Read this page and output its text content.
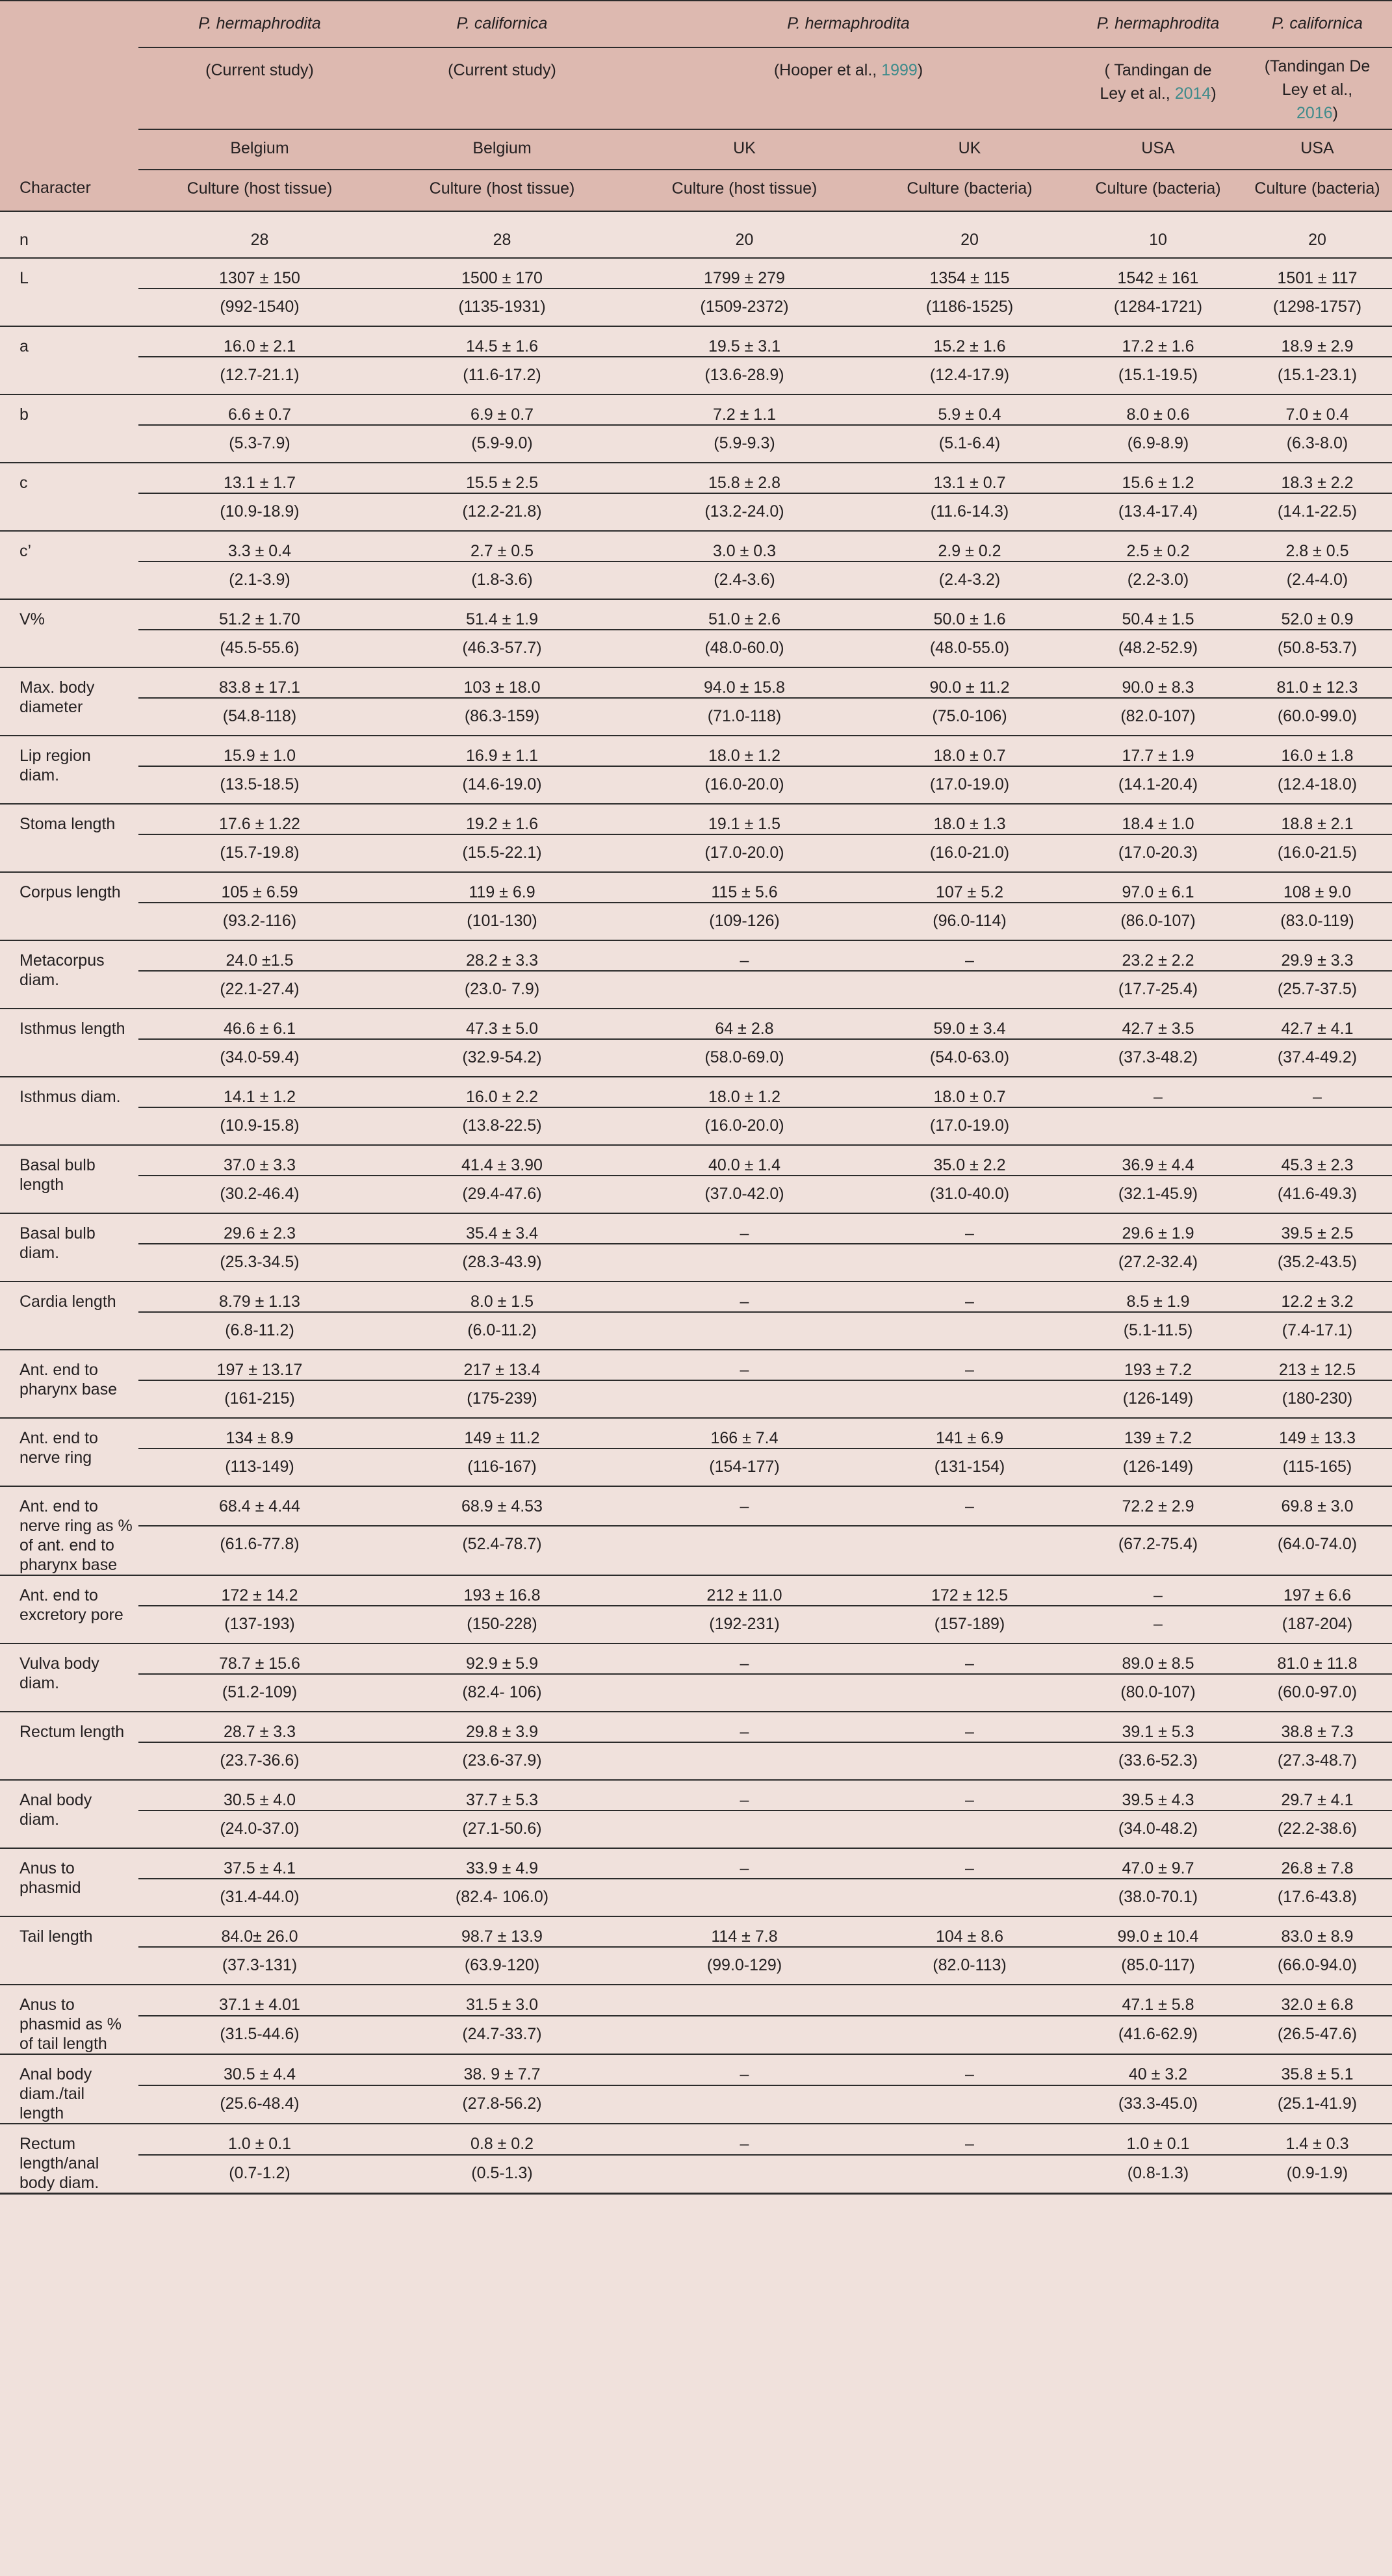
	P. hermaphrodita	P. californica	P. hermaphrodita		P. hermaphrodita	P. californica
	(Current study)	(Current study)	(Hooper et al., 1999)		( Tandingan de Ley et al., 2014)	(Tandingan De Ley et al., 2016)
	Belgium	Belgium	UK	UK	USA	USA
Character	Culture (host tissue)	Culture (host tissue)	Culture (host tissue)	Culture (bacteria)	Culture (bacteria)	Culture (bacteria)
n	28	28	20	20	10	20
L	1307 ± 150	1500 ± 170	1799 ± 279	1354 ± 115	1542 ± 161	1501 ± 117
	(992-1540)	(1135-1931)	(1509-2372)	(1186-1525)	(1284-1721)	(1298-1757)
a	16.0 ± 2.1	14.5 ± 1.6	19.5 ± 3.1	15.2 ± 1.6	17.2 ± 1.6	18.9 ± 2.9
	(12.7-21.1)	(11.6-17.2)	(13.6-28.9)	(12.4-17.9)	(15.1-19.5)	(15.1-23.1)
b	6.6 ± 0.7	6.9 ± 0.7	7.2 ± 1.1	5.9 ± 0.4	8.0 ± 0.6	7.0 ± 0.4
	(5.3-7.9)	(5.9-9.0)	(5.9-9.3)	(5.1-6.4)	(6.9-8.9)	(6.3-8.0)
c	13.1 ± 1.7	15.5 ± 2.5	15.8 ± 2.8	13.1 ± 0.7	15.6 ± 1.2	18.3 ± 2.2
	(10.9-18.9)	(12.2-21.8)	(13.2-24.0)	(11.6-14.3)	(13.4-17.4)	(14.1-22.5)
c’	3.3 ± 0.4	2.7 ± 0.5	3.0 ± 0.3	2.9 ± 0.2	2.5 ± 0.2	2.8 ± 0.5
	(2.1-3.9)	(1.8-3.6)	(2.4-3.6)	(2.4-3.2)	(2.2-3.0)	(2.4-4.0)
V%	51.2 ± 1.70	51.4 ± 1.9	51.0 ± 2.6	50.0 ± 1.6	50.4 ± 1.5	52.0 ± 0.9
	(45.5-55.6)	(46.3-57.7)	(48.0-60.0)	(48.0-55.0)	(48.2-52.9)	(50.8-53.7)
Max. body diameter	83.8 ± 17.1	103 ± 18.0	94.0 ± 15.8	90.0 ± 11.2	90.0 ± 8.3	81.0 ± 12.3
	(54.8-118)	(86.3-159)	(71.0-118)	(75.0-106)	(82.0-107)	(60.0-99.0)
Lip region diam.	15.9 ± 1.0	16.9 ± 1.1	18.0 ± 1.2	18.0 ± 0.7	17.7 ± 1.9	16.0 ± 1.8
	(13.5-18.5)	(14.6-19.0)	(16.0-20.0)	(17.0-19.0)	(14.1-20.4)	(12.4-18.0)
Stoma length	17.6 ± 1.22	19.2 ± 1.6	19.1 ± 1.5	18.0 ± 1.3	18.4 ± 1.0	18.8 ± 2.1
	(15.7-19.8)	(15.5-22.1)	(17.0-20.0)	(16.0-21.0)	(17.0-20.3)	(16.0-21.5)
Corpus length	105 ± 6.59	119 ± 6.9	115 ± 5.6	107 ± 5.2	97.0 ± 6.1	108 ± 9.0
	(93.2-116)	(101-130)	(109-126)	(96.0-114)	(86.0-107)	(83.0-119)
Metacorpus diam.	24.0 ±1.5	28.2 ± 3.3	–	–	23.2 ± 2.2	29.9 ± 3.3
	(22.1-27.4)	(23.0- 7.9)			(17.7-25.4)	(25.7-37.5)
Isthmus length	46.6 ± 6.1	47.3 ± 5.0	64 ± 2.8	59.0 ± 3.4	42.7 ± 3.5	42.7 ± 4.1
	(34.0-59.4)	(32.9-54.2)	(58.0-69.0)	(54.0-63.0)	(37.3-48.2)	(37.4-49.2)
Isthmus diam.	14.1 ± 1.2	16.0 ± 2.2	18.0 ± 1.2	18.0 ± 0.7	–	–
	(10.9-15.8)	(13.8-22.5)	(16.0-20.0)	(17.0-19.0)		
Basal bulb length	37.0 ± 3.3	41.4 ± 3.90	40.0 ± 1.4	35.0 ± 2.2	36.9 ± 4.4	45.3 ± 2.3
	(30.2-46.4)	(29.4-47.6)	(37.0-42.0)	(31.0-40.0)	(32.1-45.9)	(41.6-49.3)
Basal bulb diam.	29.6 ± 2.3	35.4 ± 3.4	–	–	29.6 ± 1.9	39.5 ± 2.5
	(25.3-34.5)	(28.3-43.9)			(27.2-32.4)	(35.2-43.5)
Cardia length	8.79 ± 1.13	8.0 ± 1.5	–	–	8.5 ± 1.9	12.2 ± 3.2
	(6.8-11.2)	(6.0-11.2)			(5.1-11.5)	(7.4-17.1)
Ant. end to pharynx base	197 ± 13.17	217 ± 13.4	–	–	193 ± 7.2	213 ± 12.5
	(161-215)	(175-239)			(126-149)	(180-230)
Ant. end to nerve ring	134 ± 8.9	149 ± 11.2	166 ± 7.4	141 ± 6.9	139 ± 7.2	149 ± 13.3
	(113-149)	(116-167)	(154-177)	(131-154)	(126-149)	(115-165)
Ant. end to nerve ring as % of ant. end to pharynx base	68.4 ± 4.44	68.9 ± 4.53	–	–	72.2 ± 2.9	69.8 ± 3.0
	(61.6-77.8)	(52.4-78.7)			(67.2-75.4)	(64.0-74.0)
Ant. end to excretory pore	172 ± 14.2	193 ± 16.8	212 ± 11.0	172 ± 12.5	–	197 ± 6.6
	(137-193)	(150-228)	(192-231)	(157-189)	–	(187-204)
Vulva body diam.	78.7 ± 15.6	92.9 ± 5.9	–	–	89.0 ± 8.5	81.0 ± 11.8
	(51.2-109)	(82.4- 106)			(80.0-107)	(60.0-97.0)
Rectum length	28.7 ± 3.3	29.8 ± 3.9	–	–	39.1 ± 5.3	38.8 ± 7.3
	(23.7-36.6)	(23.6-37.9)			(33.6-52.3)	(27.3-48.7)
Anal body diam.	30.5 ± 4.0	37.7 ± 5.3	–	–	39.5 ± 4.3	29.7 ± 4.1
	(24.0-37.0)	(27.1-50.6)			(34.0-48.2)	(22.2-38.6)
Anus to phasmid	37.5 ± 4.1	33.9 ± 4.9	–	–	47.0 ± 9.7	26.8 ± 7.8
	(31.4-44.0)	(82.4- 106.0)			(38.0-70.1)	(17.6-43.8)
Tail length	84.0± 26.0	98.7 ± 13.9	114 ± 7.8	104 ± 8.6	99.0 ± 10.4	83.0 ± 8.9
	(37.3-131)	(63.9-120)	(99.0-129)	(82.0-113)	(85.0-117)	(66.0-94.0)
Anus to phasmid as % of tail length	37.1 ± 4.01	31.5 ± 3.0			47.1 ± 5.8	32.0 ± 6.8
	(31.5-44.6)	(24.7-33.7)			(41.6-62.9)	(26.5-47.6)
Anal body diam./tail length	30.5 ± 4.4	38. 9 ± 7.7	–	–	40 ± 3.2	35.8 ± 5.1
	(25.6-48.4)	(27.8-56.2)			(33.3-45.0)	(25.1-41.9)
Rectum length/anal body diam.	1.0 ± 0.1	0.8 ± 0.2	–	–	1.0 ± 0.1	1.4 ± 0.3
	(0.7-1.2)	(0.5-1.3)			(0.8-1.3)	(0.9-1.9)
